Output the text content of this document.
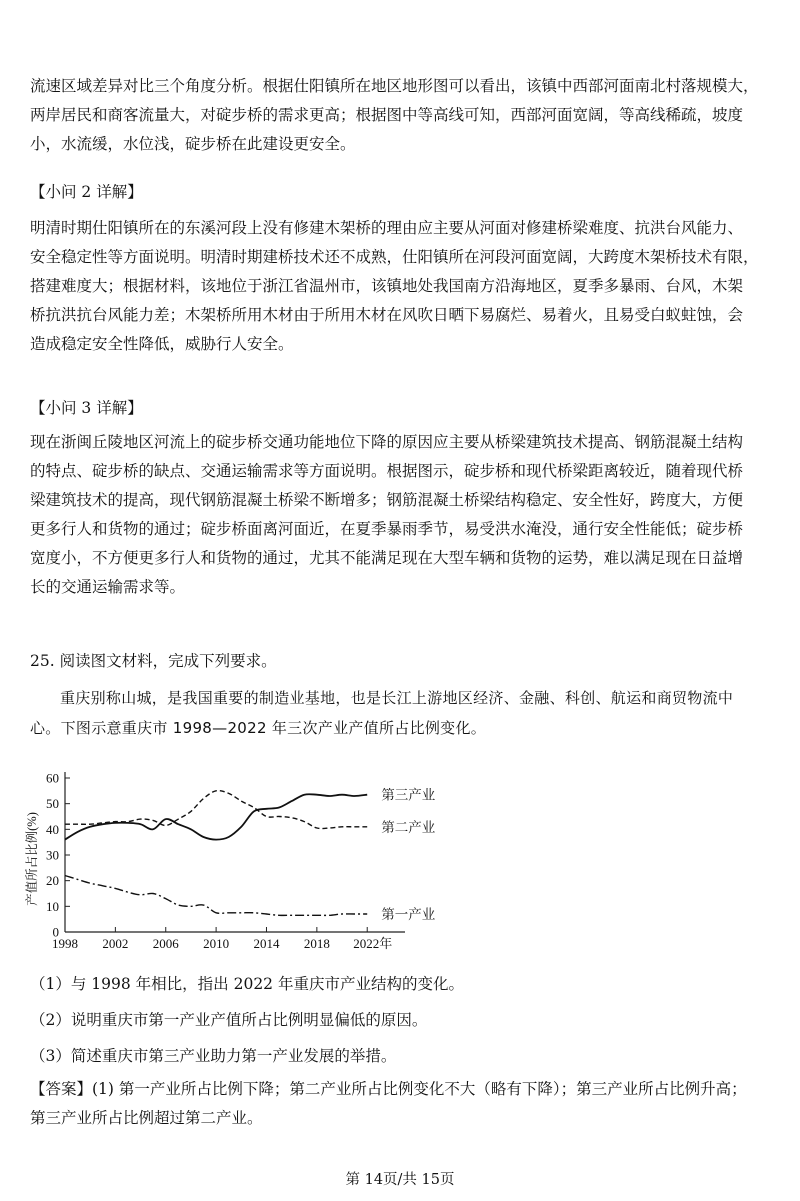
流速区域差异对比三个角度分析。根据仕阳镇所在地区地形图可以看出，该镇中西部河面南北村落规模大，
两岸居民和商客流量大，对碇步桥的需求更高；根据图中等高线可知，西部河面宽阔，等高线稀疏，坡度
小，水流缓，水位浅，碇步桥在此建设更安全。
【小问 2 详解】
明清时期仕阳镇所在的东溪河段上没有修建木架桥的理由应主要从河面对修建桥梁难度、抗洪台风能力、
安全稳定性等方面说明。明清时期建桥技术还不成熟，仕阳镇所在河段河面宽阔，大跨度木架桥技术有限，
搭建难度大；根据材料，该地位于浙江省温州市，该镇地处我国南方沿海地区，夏季多暴雨、台风，木架
桥抗洪抗台风能力差；木架桥所用木材由于所用木材在风吹日晒下易腐烂、易着火，且易受白蚁蛀蚀，会
造成稳定安全性降低，威胁行人安全。
【小问 3 详解】
现在浙闽丘陵地区河流上的碇步桥交通功能地位下降的原因应主要从桥梁建筑技术提高、钢筋混凝土结构
的特点、碇步桥的缺点、交通运输需求等方面说明。根据图示，碇步桥和现代桥梁距离较近，随着现代桥
梁建筑技术的提高，现代钢筋混凝土桥梁不断增多；钢筋混凝土桥梁结构稳定、安全性好，跨度大，方便
更多行人和货物的通过；碇步桥面离河面近，在夏季暴雨季节，易受洪水淹没，通行安全性能低；碇步桥
宽度小，不方便更多行人和货物的通过，尤其不能满足现在大型车辆和货物的运势，难以满足现在日益增
长的交通运输需求等。
25. 阅读图文材料，完成下列要求。
重庆别称山城，是我国重要的制造业基地，也是长江上游地区经济、金融、科创、航运和商贸物流中
心。下图示意重庆市 1998—2022 年三次产业产值所占比例变化。
0
10
20
30
40
50
60
1998 2002 2006 2010 2014 2018 2022年
产值所占比例(%)
第三产业
第二产业
第一产业
（1）与 1998 年相比，指出 2022 年重庆市产业结构的变化。
（2）说明重庆市第一产业产值所占比例明显偏低的原因。
（3）简述重庆市第三产业助力第一产业发展的举措。
【答案】(1) 第一产业所占比例下降；第二产业所占比例变化不大（略有下降）；第三产业所占比例升高；
第三产业所占比例超过第二产业。
第 14页/共 15页
